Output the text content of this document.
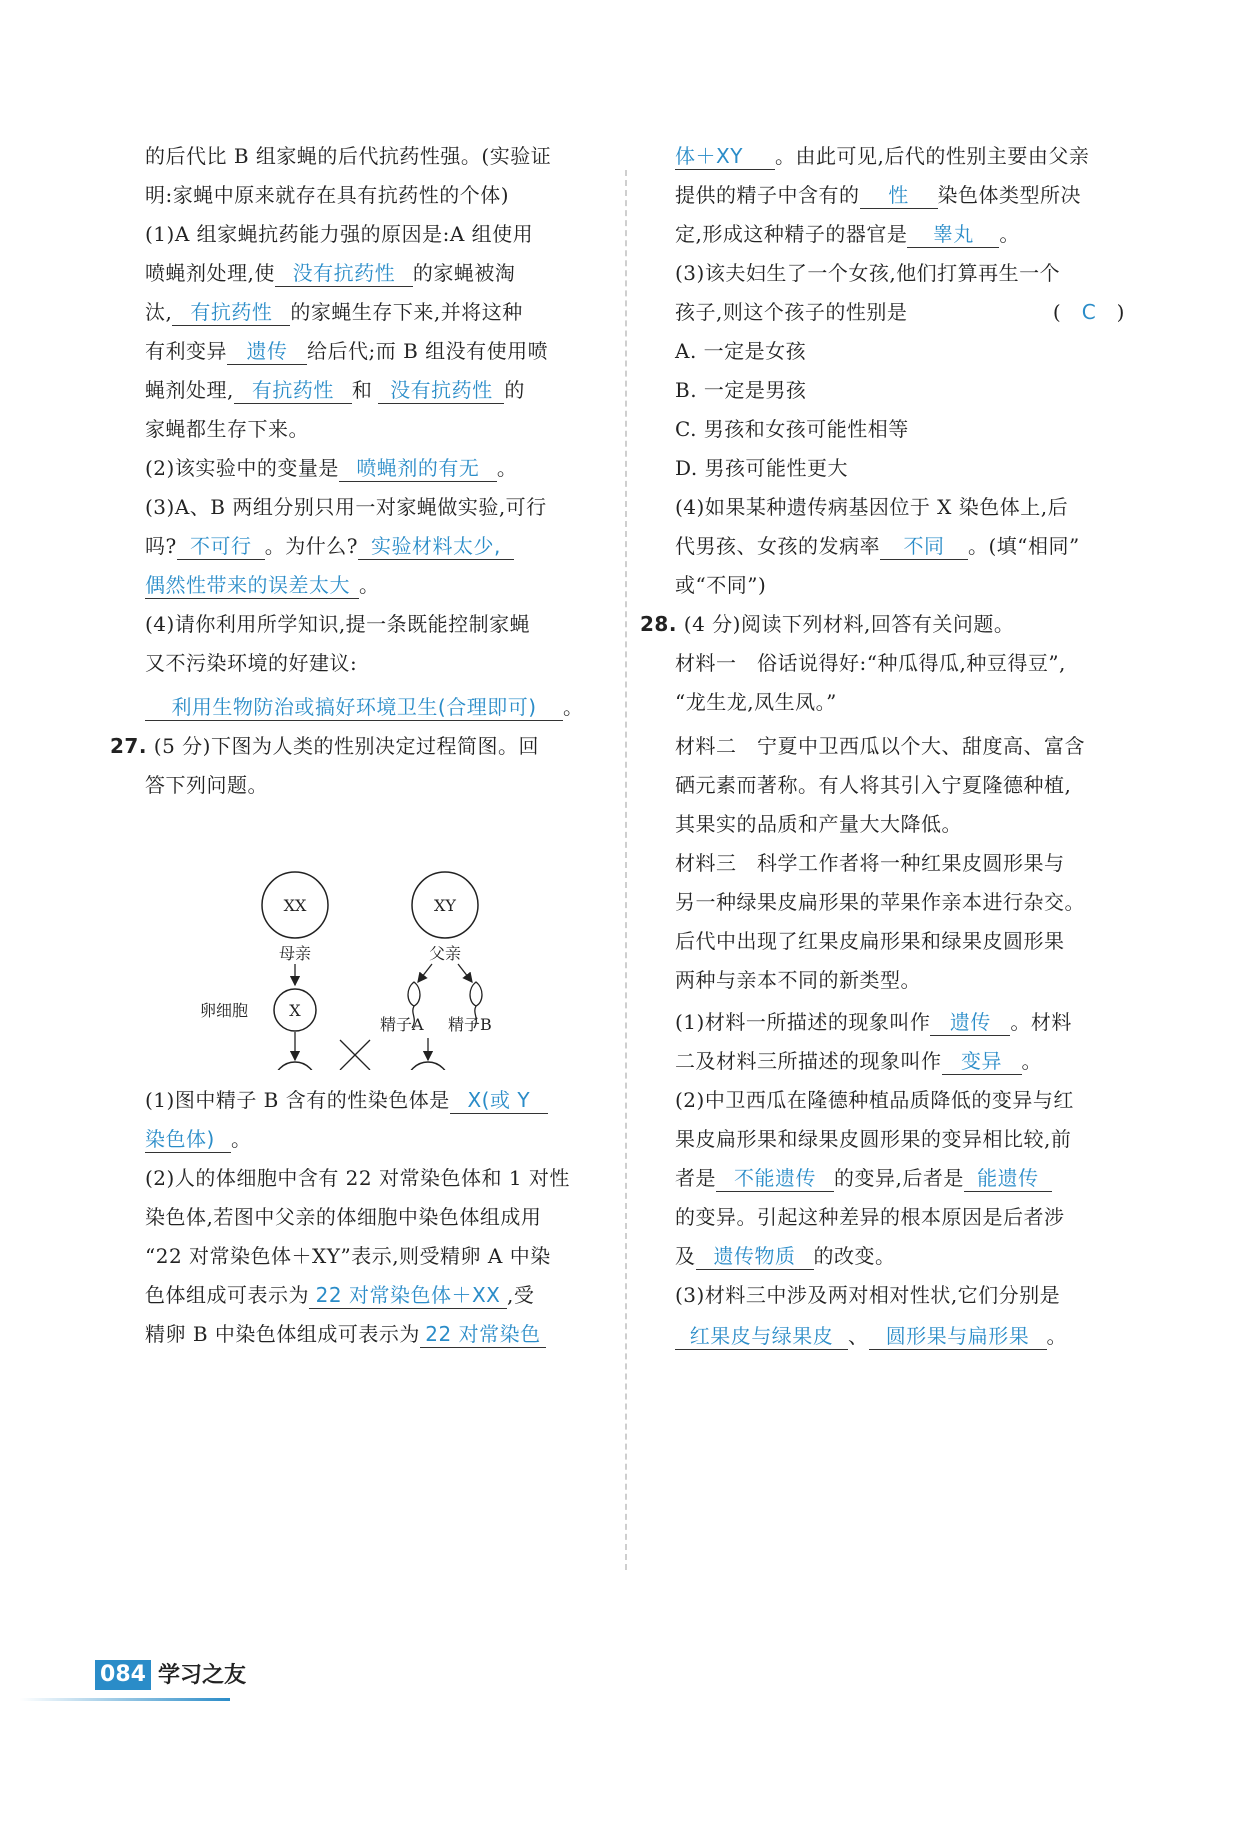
的后代比 B 组家蝇的后代抗药性强。(实验证
明:家蝇中原来就存在具有抗药性的个体)
(1)A 组家蝇抗药能力强的原因是:A 组使用
喷蝇剂处理,使 没有抗药性 的家蝇被淘
汰, 有抗药性 的家蝇生存下来,并将这种
有利变异 遗传 给后代;而 B 组没有使用喷
蝇剂处理, 有抗药性 和 没有抗药性 的
家蝇都生存下来。
(2)该实验中的变量是 喷蝇剂的有无 。
(3)A、B 两组分别只用一对家蝇做实验,可行
吗? 不可行 。为什么? 实验材料太少,
偶然性带来的误差太大 。
(4)请你利用所学知识,提一条既能控制家蝇
又不污染环境的好建议:
利用生物防治或搞好环境卫生(合理即可) 。
27. (5 分)下图为人类的性别决定过程简图。回
答下列问题。
(1)图中精子 B 含有的性染色体是 X(或 Y
染色体) 。
(2)人的体细胞中含有 22 对常染色体和 1 对性
染色体,若图中父亲的体细胞中染色体组成用
“22 对常染色体＋XY”表示,则受精卵 A 中染
色体组成可表示为 22 对常染色体＋XX ,受
精卵 B 中染色体组成可表示为 22 对常染色
XX	XY
母亲	父亲
X
卵细胞
精子A 精子B
体＋XY 。由此可见,后代的性别主要由父亲
提供的精子中含有的 性 染色体类型所决
定,形成这种精子的器官是 睾丸 。
(3)该夫妇生了一个女孩,他们打算再生一个
孩子,则这个孩子的性别是	(　C　)
A. 一定是女孩
B. 一定是男孩
C. 男孩和女孩可能性相等
D. 男孩可能性更大
(4)如果某种遗传病基因位于 X 染色体上,后
代男孩、女孩的发病率 不同 。(填“相同”
或“不同”)
28. (4 分)阅读下列材料,回答有关问题。
材料一　俗话说得好:“种瓜得瓜,种豆得豆”,
“龙生龙,凤生凤。”
材料二　宁夏中卫西瓜以个大、甜度高、富含
硒元素而著称。有人将其引入宁夏隆德种植,
其果实的品质和产量大大降低。
材料三　科学工作者将一种红果皮圆形果与
另一种绿果皮扁形果的苹果作亲本进行杂交。
后代中出现了红果皮扁形果和绿果皮圆形果
两种与亲本不同的新类型。
(1)材料一所描述的现象叫作 遗传 。材料
二及材料三所描述的现象叫作 变异 。
(2)中卫西瓜在隆德种植品质降低的变异与红
果皮扁形果和绿果皮圆形果的变异相比较,前
者是 不能遗传 的变异,后者是 能遗传
的变异。引起这种差异的根本原因是后者涉
及 遗传物质 的改变。
(3)材料三中涉及两对相对性状,它们分别是
红果皮与绿果皮 、 圆形果与扁形果 。
084 学习之友
